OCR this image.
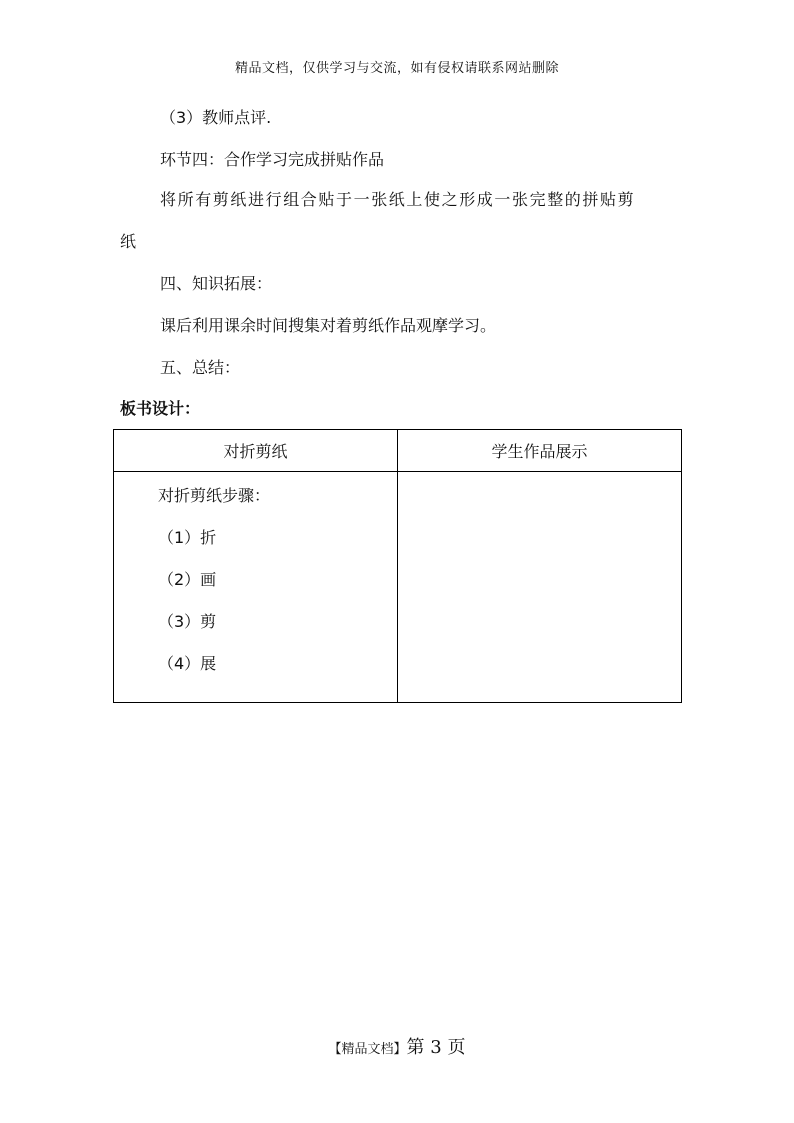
精品文档，仅供学习与交流，如有侵权请联系网站删除
（3）教师点评.
环节四：合作学习完成拼贴作品
将所有剪纸进行组合贴于一张纸上使之形成一张完整的拼贴剪
纸
四、知识拓展：
课后利用课余时间搜集对着剪纸作品观摩学习。
五、总结：
板书设计：
对折剪纸	学生作品展示

对折剪纸步骤：
（1）折
（2）画
（3）剪
（4）展	

【精品文档】第 3 页
